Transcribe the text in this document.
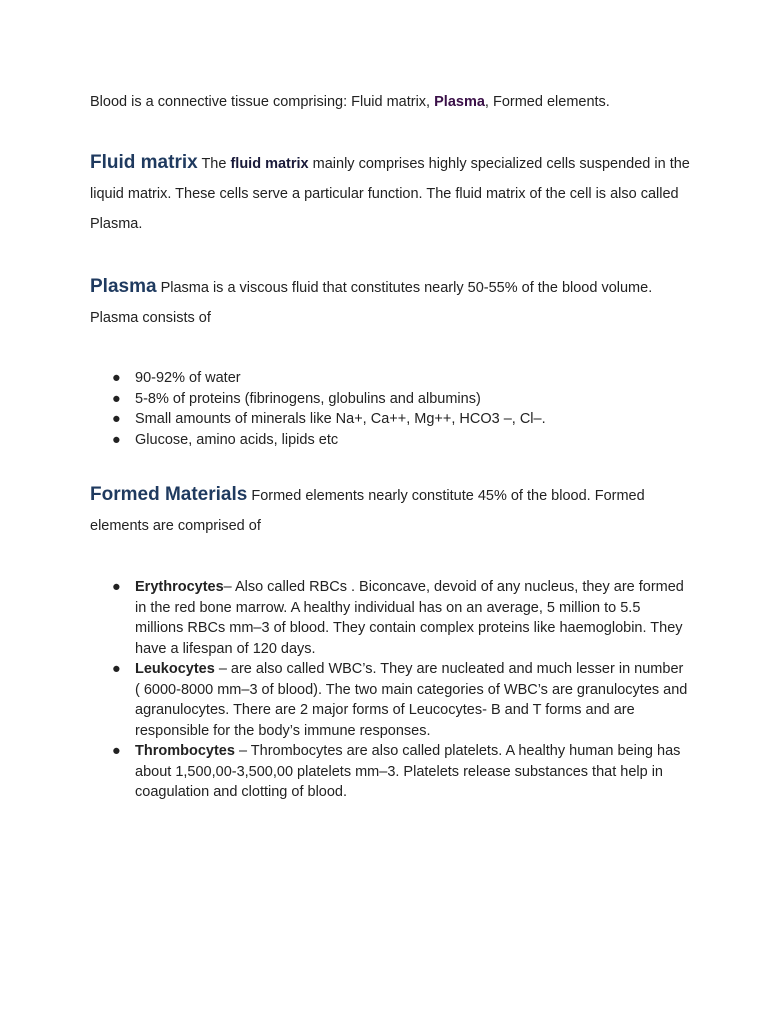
Blood is a connective tissue comprising: Fluid matrix, Plasma, Formed elements.

Fluid matrix The fluid matrix mainly comprises highly specialized cells suspended in the liquid matrix. These cells serve a particular function. The fluid matrix of the cell is also called Plasma.

Plasma Plasma is a viscous fluid that constitutes nearly 50-55% of the blood volume. Plasma consists of

● 90-92% of water
● 5-8% of proteins (fibrinogens, globulins and albumins)
● Small amounts of minerals like Na+, Ca++, Mg++, HCO3 –, Cl–.
● Glucose, amino acids, lipids etc

Formed Materials Formed elements nearly constitute 45% of the blood. Formed elements are comprised of

● Erythrocytes– Also called RBCs . Biconcave, devoid of any nucleus, they are formed in the red bone marrow. A healthy individual has on an average, 5 million to 5.5 millions RBCs mm–3 of blood. They contain complex proteins like haemoglobin. They have a lifespan of 120 days.
● Leukocytes – are also called WBC’s. They are nucleated and much lesser in number ( 6000-8000 mm–3 of blood). The two main categories of WBC’s are granulocytes and agranulocytes. There are 2 major forms of Leucocytes- B and T forms and are responsible for the body’s immune responses.
● Thrombocytes – Thrombocytes are also called platelets. A healthy human being has about 1,500,00-3,500,00 platelets mm–3. Platelets release substances that help in coagulation and clotting of blood.
